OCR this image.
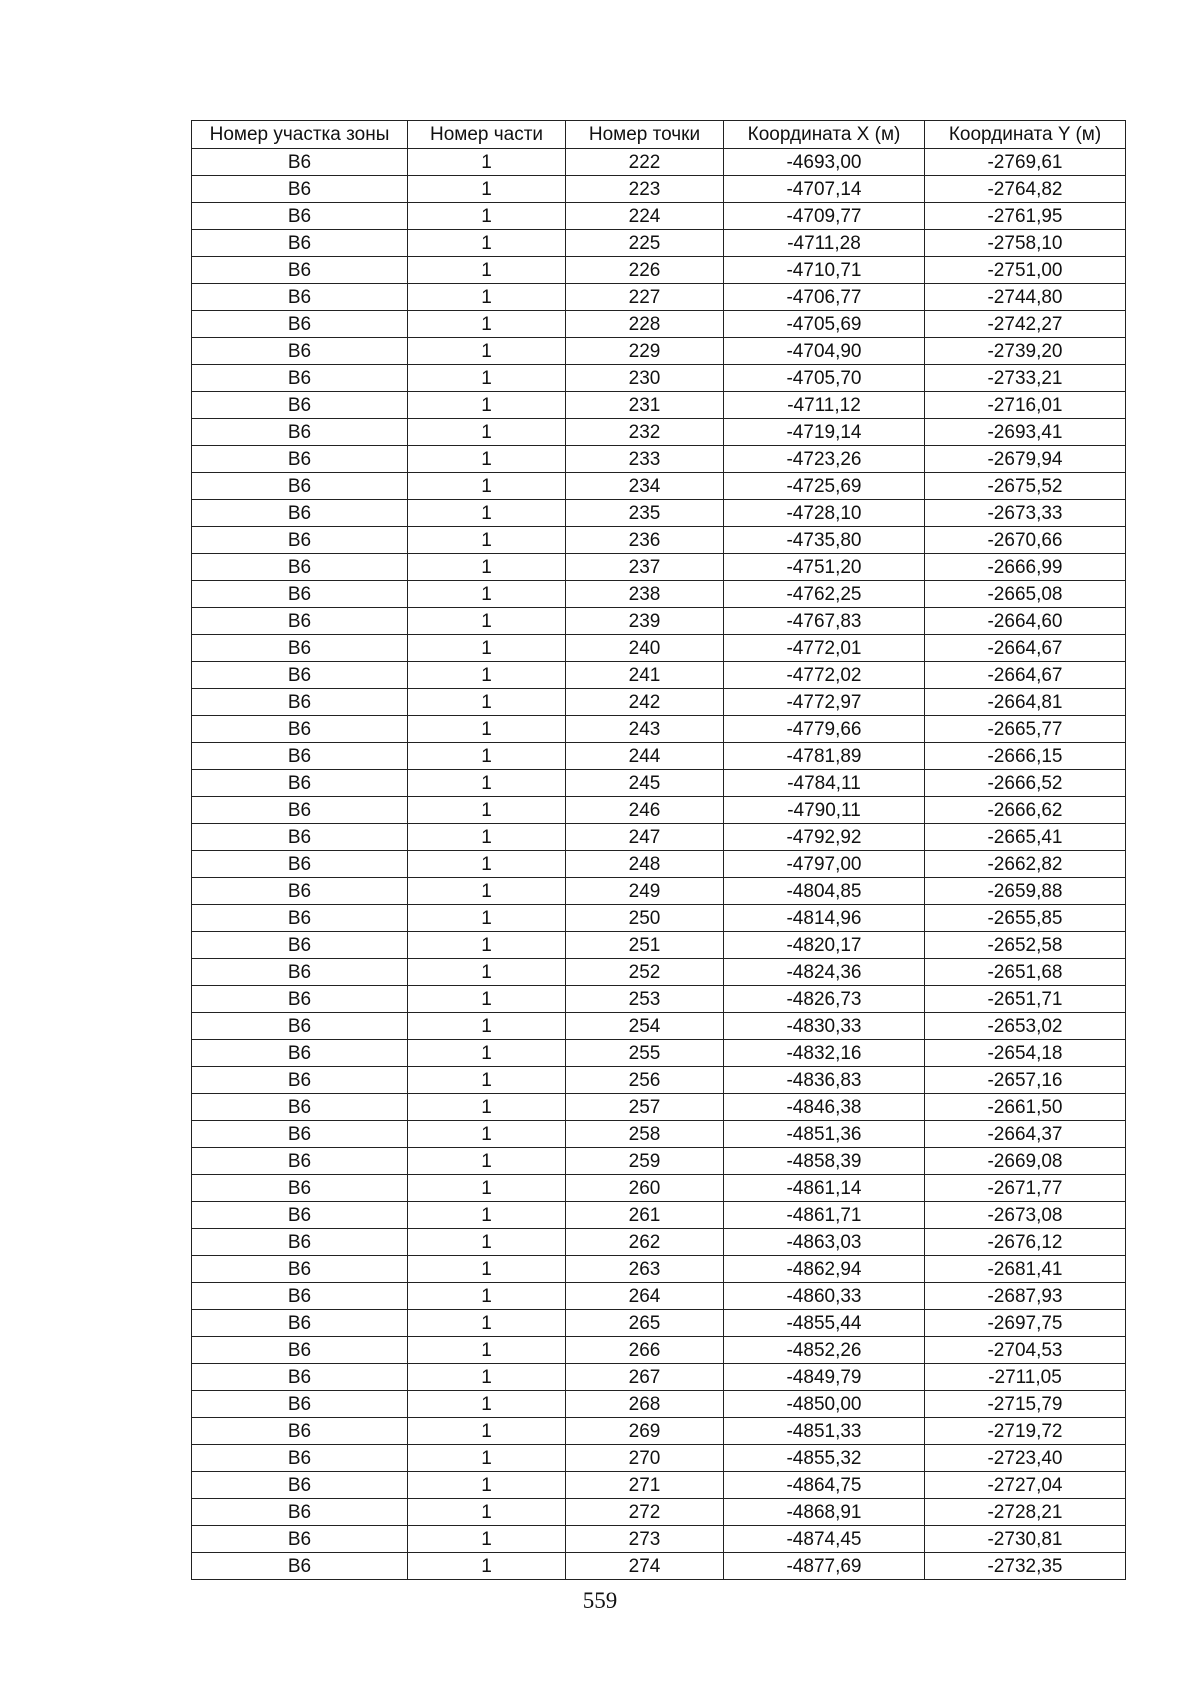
Номер участка зоны	Номер части	Номер точки	Координата X (м)	Координата Y (м)
В6	1	222	-4693,00	-2769,61
В6	1	223	-4707,14	-2764,82
В6	1	224	-4709,77	-2761,95
В6	1	225	-4711,28	-2758,10
В6	1	226	-4710,71	-2751,00
В6	1	227	-4706,77	-2744,80
В6	1	228	-4705,69	-2742,27
В6	1	229	-4704,90	-2739,20
В6	1	230	-4705,70	-2733,21
В6	1	231	-4711,12	-2716,01
В6	1	232	-4719,14	-2693,41
В6	1	233	-4723,26	-2679,94
В6	1	234	-4725,69	-2675,52
В6	1	235	-4728,10	-2673,33
В6	1	236	-4735,80	-2670,66
В6	1	237	-4751,20	-2666,99
В6	1	238	-4762,25	-2665,08
В6	1	239	-4767,83	-2664,60
В6	1	240	-4772,01	-2664,67
В6	1	241	-4772,02	-2664,67
В6	1	242	-4772,97	-2664,81
В6	1	243	-4779,66	-2665,77
В6	1	244	-4781,89	-2666,15
В6	1	245	-4784,11	-2666,52
В6	1	246	-4790,11	-2666,62
В6	1	247	-4792,92	-2665,41
В6	1	248	-4797,00	-2662,82
В6	1	249	-4804,85	-2659,88
В6	1	250	-4814,96	-2655,85
В6	1	251	-4820,17	-2652,58
В6	1	252	-4824,36	-2651,68
В6	1	253	-4826,73	-2651,71
В6	1	254	-4830,33	-2653,02
В6	1	255	-4832,16	-2654,18
В6	1	256	-4836,83	-2657,16
В6	1	257	-4846,38	-2661,50
В6	1	258	-4851,36	-2664,37
В6	1	259	-4858,39	-2669,08
В6	1	260	-4861,14	-2671,77
В6	1	261	-4861,71	-2673,08
В6	1	262	-4863,03	-2676,12
В6	1	263	-4862,94	-2681,41
В6	1	264	-4860,33	-2687,93
В6	1	265	-4855,44	-2697,75
В6	1	266	-4852,26	-2704,53
В6	1	267	-4849,79	-2711,05
В6	1	268	-4850,00	-2715,79
В6	1	269	-4851,33	-2719,72
В6	1	270	-4855,32	-2723,40
В6	1	271	-4864,75	-2727,04
В6	1	272	-4868,91	-2728,21
В6	1	273	-4874,45	-2730,81
В6	1	274	-4877,69	-2732,35
559
